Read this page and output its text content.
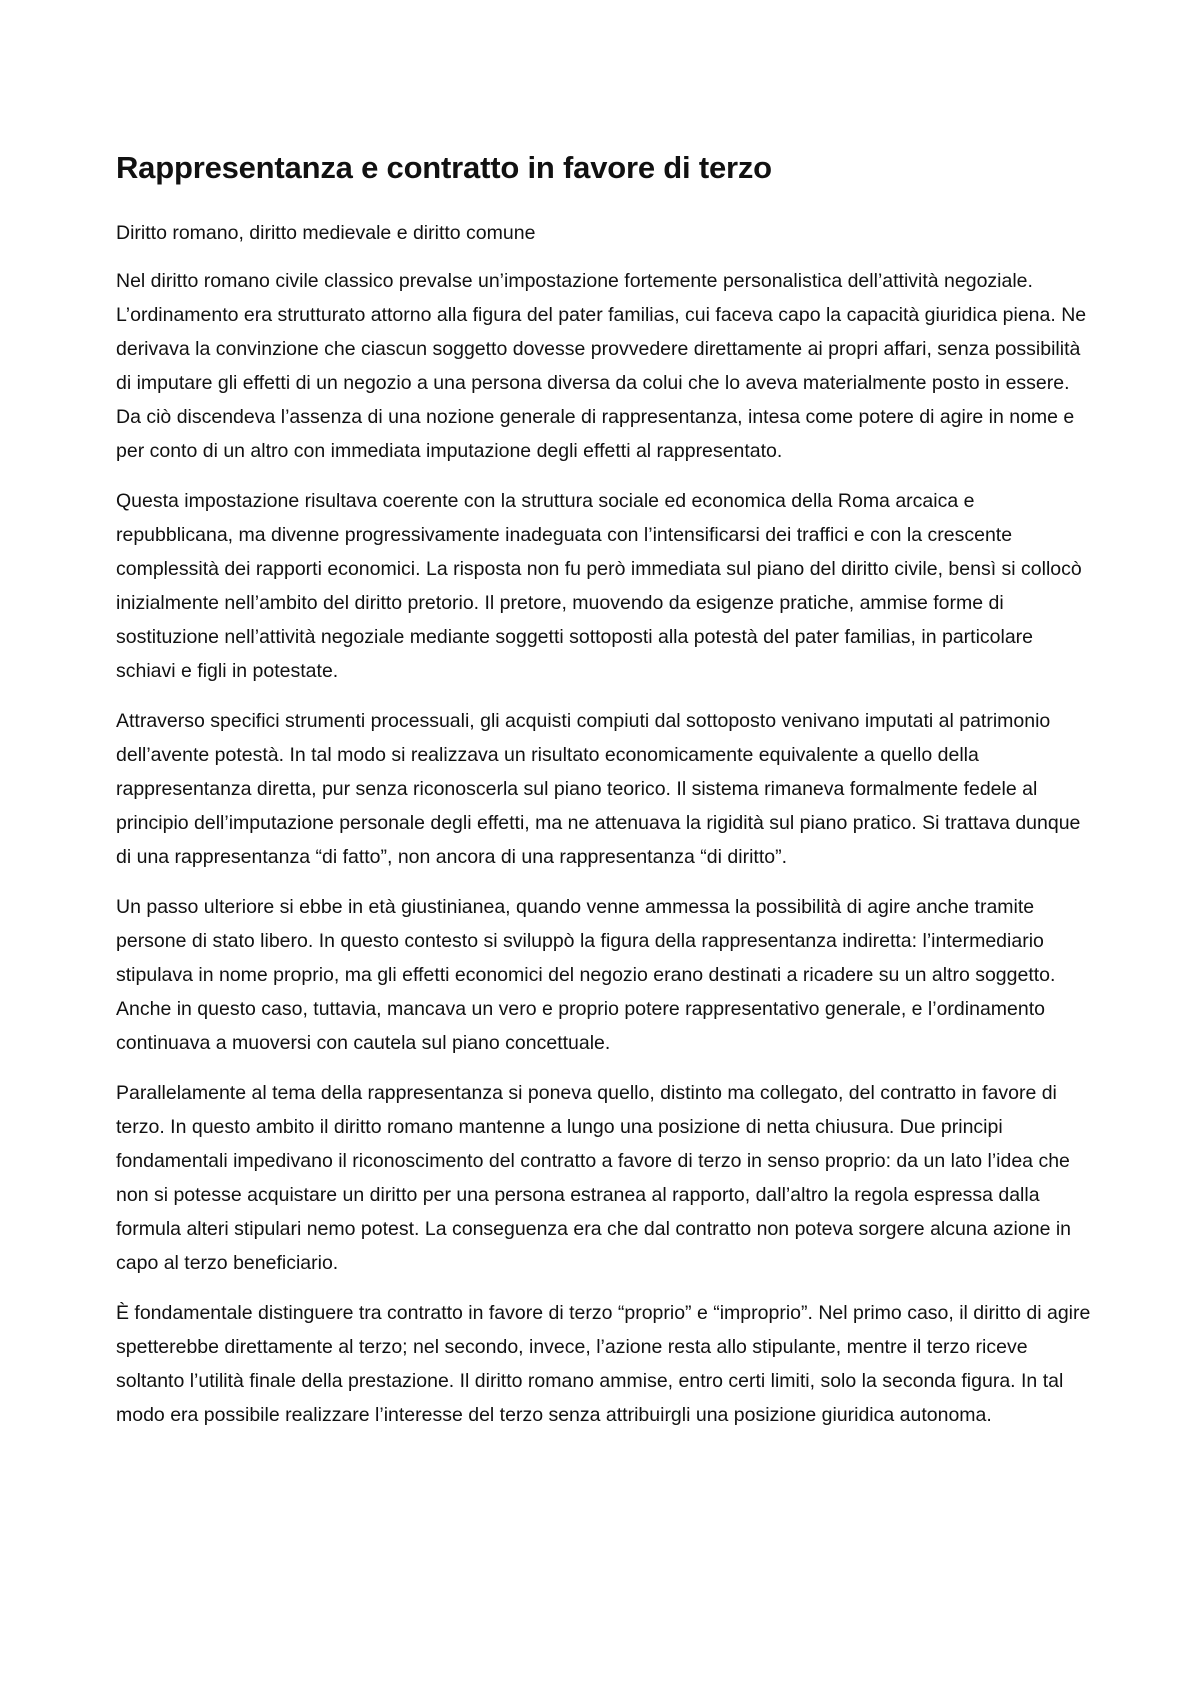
Rappresentanza e contratto in favore di terzo

Diritto romano, diritto medievale e diritto comune

Nel diritto romano civile classico prevalse un’impostazione fortemente personalistica dell’attività negoziale. L’ordinamento era strutturato attorno alla figura del pater familias, cui faceva capo la capacità giuridica piena. Ne derivava la convinzione che ciascun soggetto dovesse provvedere direttamente ai propri affari, senza possibilità di imputare gli effetti di un negozio a una persona diversa da colui che lo aveva materialmente posto in essere. Da ciò discendeva l’assenza di una nozione generale di rappresentanza, intesa come potere di agire in nome e per conto di un altro con immediata imputazione degli effetti al rappresentato.

Questa impostazione risultava coerente con la struttura sociale ed economica della Roma arcaica e repubblicana, ma divenne progressivamente inadeguata con l’intensificarsi dei traffici e con la crescente complessità dei rapporti economici. La risposta non fu però immediata sul piano del diritto civile, bensì si collocò inizialmente nell’ambito del diritto pretorio. Il pretore, muovendo da esigenze pratiche, ammise forme di sostituzione nell’attività negoziale mediante soggetti sottoposti alla potestà del pater familias, in particolare schiavi e figli in potestate.

Attraverso specifici strumenti processuali, gli acquisti compiuti dal sottoposto venivano imputati al patrimonio dell’avente potestà. In tal modo si realizzava un risultato economicamente equivalente a quello della rappresentanza diretta, pur senza riconoscerla sul piano teorico. Il sistema rimaneva formalmente fedele al principio dell’imputazione personale degli effetti, ma ne attenuava la rigidità sul piano pratico. Si trattava dunque di una rappresentanza “di fatto”, non ancora di una rappresentanza “di diritto”.

Un passo ulteriore si ebbe in età giustinianea, quando venne ammessa la possibilità di agire anche tramite persone di stato libero. In questo contesto si sviluppò la figura della rappresentanza indiretta: l’intermediario stipulava in nome proprio, ma gli effetti economici del negozio erano destinati a ricadere su un altro soggetto. Anche in questo caso, tuttavia, mancava un vero e proprio potere rappresentativo generale, e l’ordinamento continuava a muoversi con cautela sul piano concettuale.

Parallelamente al tema della rappresentanza si poneva quello, distinto ma collegato, del contratto in favore di terzo. In questo ambito il diritto romano mantenne a lungo una posizione di netta chiusura. Due principi fondamentali impedivano il riconoscimento del contratto a favore di terzo in senso proprio: da un lato l’idea che non si potesse acquistare un diritto per una persona estranea al rapporto, dall’altro la regola espressa dalla formula alteri stipulari nemo potest. La conseguenza era che dal contratto non poteva sorgere alcuna azione in capo al terzo beneficiario.

È fondamentale distinguere tra contratto in favore di terzo “proprio” e “improprio”. Nel primo caso, il diritto di agire spetterebbe direttamente al terzo; nel secondo, invece, l’azione resta allo stipulante, mentre il terzo riceve soltanto l’utilità finale della prestazione. Il diritto romano ammise, entro certi limiti, solo la seconda figura. In tal modo era possibile realizzare l’interesse del terzo senza attribuirgli una posizione giuridica autonoma.
